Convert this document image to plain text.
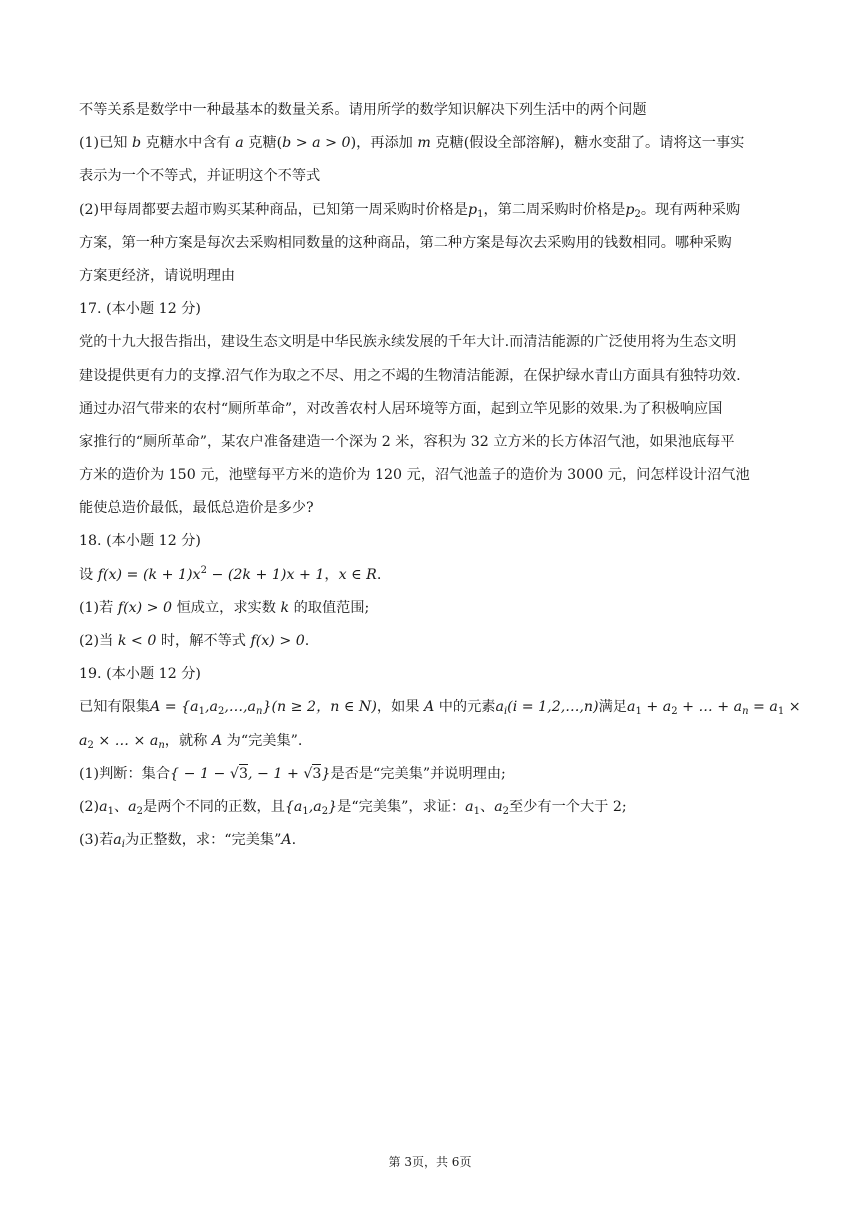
不等关系是数学中一种最基本的数量关系。请用所学的数学知识解决下列生活中的两个问题
(1)已知 b 克糖水中含有 a 克糖(b > a > 0)，再添加 m 克糖(假设全部溶解)，糖水变甜了。请将这一事实
表示为一个不等式，并证明这个不等式
(2)甲每周都要去超市购买某种商品，已知第一周采购时价格是$p_1$，第二周采购时价格是$p_2$。现有两种采购
方案，第一种方案是每次去采购相同数量的这种商品，第二种方案是每次去采购用的钱数相同。哪种采购
方案更经济，请说明理由
17. (本小题 12 分)
党的十九大报告指出，建设生态文明是中华民族永续发展的千年大计.而清洁能源的广泛使用将为生态文明
建设提供更有力的支撑.沼气作为取之不尽、用之不竭的生物清洁能源，在保护绿水青山方面具有独特功效.
通过办沼气带来的农村“厕所革命”，对改善农村人居环境等方面，起到立竿见影的效果.为了积极响应国
家推行的“厕所革命”，某农户准备建造一个深为 2 米，容积为 32 立方米的长方体沼气池，如果池底每平
方米的造价为 150 元，池壁每平方米的造价为 120 元，沼气池盖子的造价为 3000 元，问怎样设计沼气池
能使总造价最低，最低总造价是多少?
18. (本小题 12 分)
设 $f(x) = (k + 1)x^2 - (2k + 1)x + 1$，x ∈ R.
(1)若 f(x) > 0 恒成立，求实数 k 的取值范围;
(2)当 k < 0 时，解不等式 f(x) > 0.
19. (本小题 12 分)
已知有限集$A = \{a_1,a_2,\dots,a_n\}(n \ge 2$，n ∈ N)，如果 A 中的元素$a_i(i$ = 1,2,…,n)满足$a_1 + a_2$ + … + $a_n = a_1$ ×
$a_2$ × … × $a_n$，就称 A 为“完美集”.
(1)判断：集合{ − 1 − √3, − 1 + √3}是否是“完美集”并说明理由;
$(2)a_1$、$a_2$是两个不同的正数，且$\{a_1,a_2\}$是“完美集”，求证：$a_1$、$a_2$至少有一个大于 2;
(3)若$a_i$为正整数，求：“完美集”A.
第 3页，共 6页
